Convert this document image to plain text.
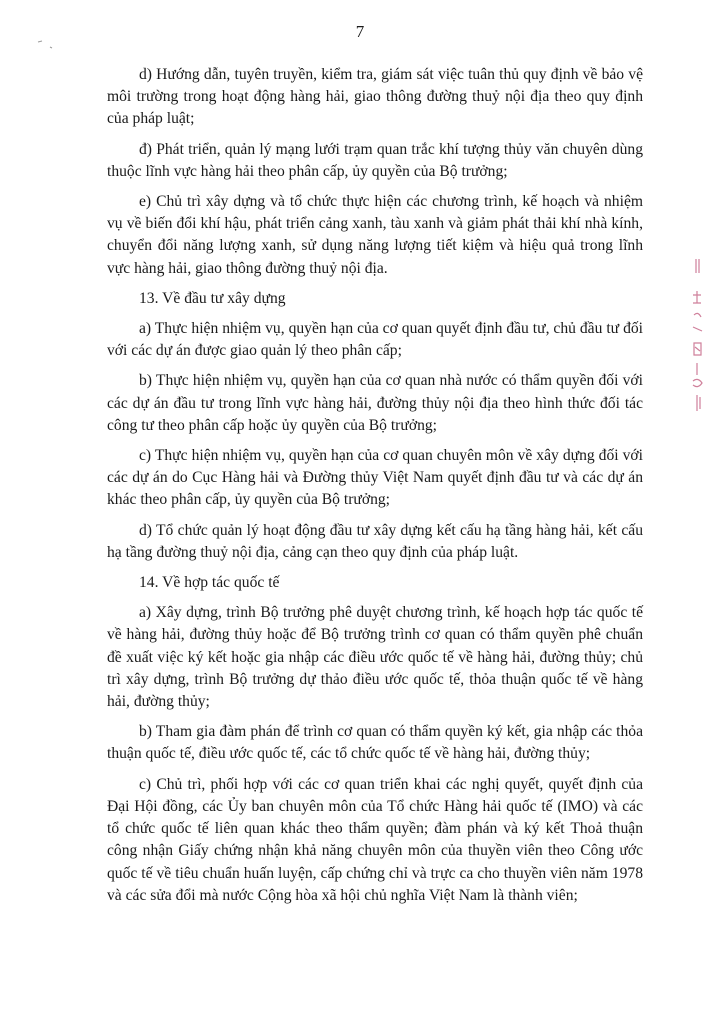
7

d) Hướng dẫn, tuyên truyền, kiểm tra, giám sát việc tuân thủ quy định về bảo vệ môi trường trong hoạt động hàng hải, giao thông đường thuỷ nội địa theo quy định của pháp luật;

đ) Phát triển, quản lý mạng lưới trạm quan trắc khí tượng thủy văn chuyên dùng thuộc lĩnh vực hàng hải theo phân cấp, ủy quyền của Bộ trưởng;

e) Chủ trì xây dựng và tổ chức thực hiện các chương trình, kế hoạch và nhiệm vụ về biến đổi khí hậu, phát triển cảng xanh, tàu xanh và giảm phát thải khí nhà kính, chuyển đổi năng lượng xanh, sử dụng năng lượng tiết kiệm và hiệu quả trong lĩnh vực hàng hải, giao thông đường thuỷ nội địa.

13. Về đầu tư xây dựng

a) Thực hiện nhiệm vụ, quyền hạn của cơ quan quyết định đầu tư, chủ đầu tư đối với các dự án được giao quản lý theo phân cấp;

b) Thực hiện nhiệm vụ, quyền hạn của cơ quan nhà nước có thẩm quyền đối với các dự án đầu tư trong lĩnh vực hàng hải, đường thủy nội địa theo hình thức đối tác công tư theo phân cấp hoặc ủy quyền của Bộ trưởng;

c) Thực hiện nhiệm vụ, quyền hạn của cơ quan chuyên môn về xây dựng đối với các dự án do Cục Hàng hải và Đường thủy Việt Nam quyết định đầu tư và các dự án khác theo phân cấp, ủy quyền của Bộ trưởng;

d) Tổ chức quản lý hoạt động đầu tư xây dựng kết cấu hạ tầng hàng hải, kết cấu hạ tầng đường thuỷ nội địa, cảng cạn theo quy định của pháp luật.

14. Về hợp tác quốc tế

a) Xây dựng, trình Bộ trưởng phê duyệt chương trình, kế hoạch hợp tác quốc tế về hàng hải, đường thủy hoặc để Bộ trưởng trình cơ quan có thẩm quyền phê chuẩn đề xuất việc ký kết hoặc gia nhập các điều ước quốc tế về hàng hải, đường thủy; chủ trì xây dựng, trình Bộ trưởng dự thảo điều ước quốc tế, thỏa thuận quốc tế về hàng hải, đường thủy;

b) Tham gia đàm phán để trình cơ quan có thẩm quyền ký kết, gia nhập các thỏa thuận quốc tế, điều ước quốc tế, các tổ chức quốc tế về hàng hải, đường thủy;

c) Chủ trì, phối hợp với các cơ quan triển khai các nghị quyết, quyết định của Đại Hội đồng, các Ủy ban chuyên môn của Tổ chức Hàng hải quốc tế (IMO) và các tổ chức quốc tế liên quan khác theo thẩm quyền; đàm phán và ký kết Thoả thuận công nhận Giấy chứng nhận khả năng chuyên môn của thuyền viên theo Công ước quốc tế về tiêu chuẩn huấn luyện, cấp chứng chỉ và trực ca cho thuyền viên năm 1978 và các sửa đổi mà nước Cộng hòa xã hội chủ nghĩa Việt Nam là thành viên;
